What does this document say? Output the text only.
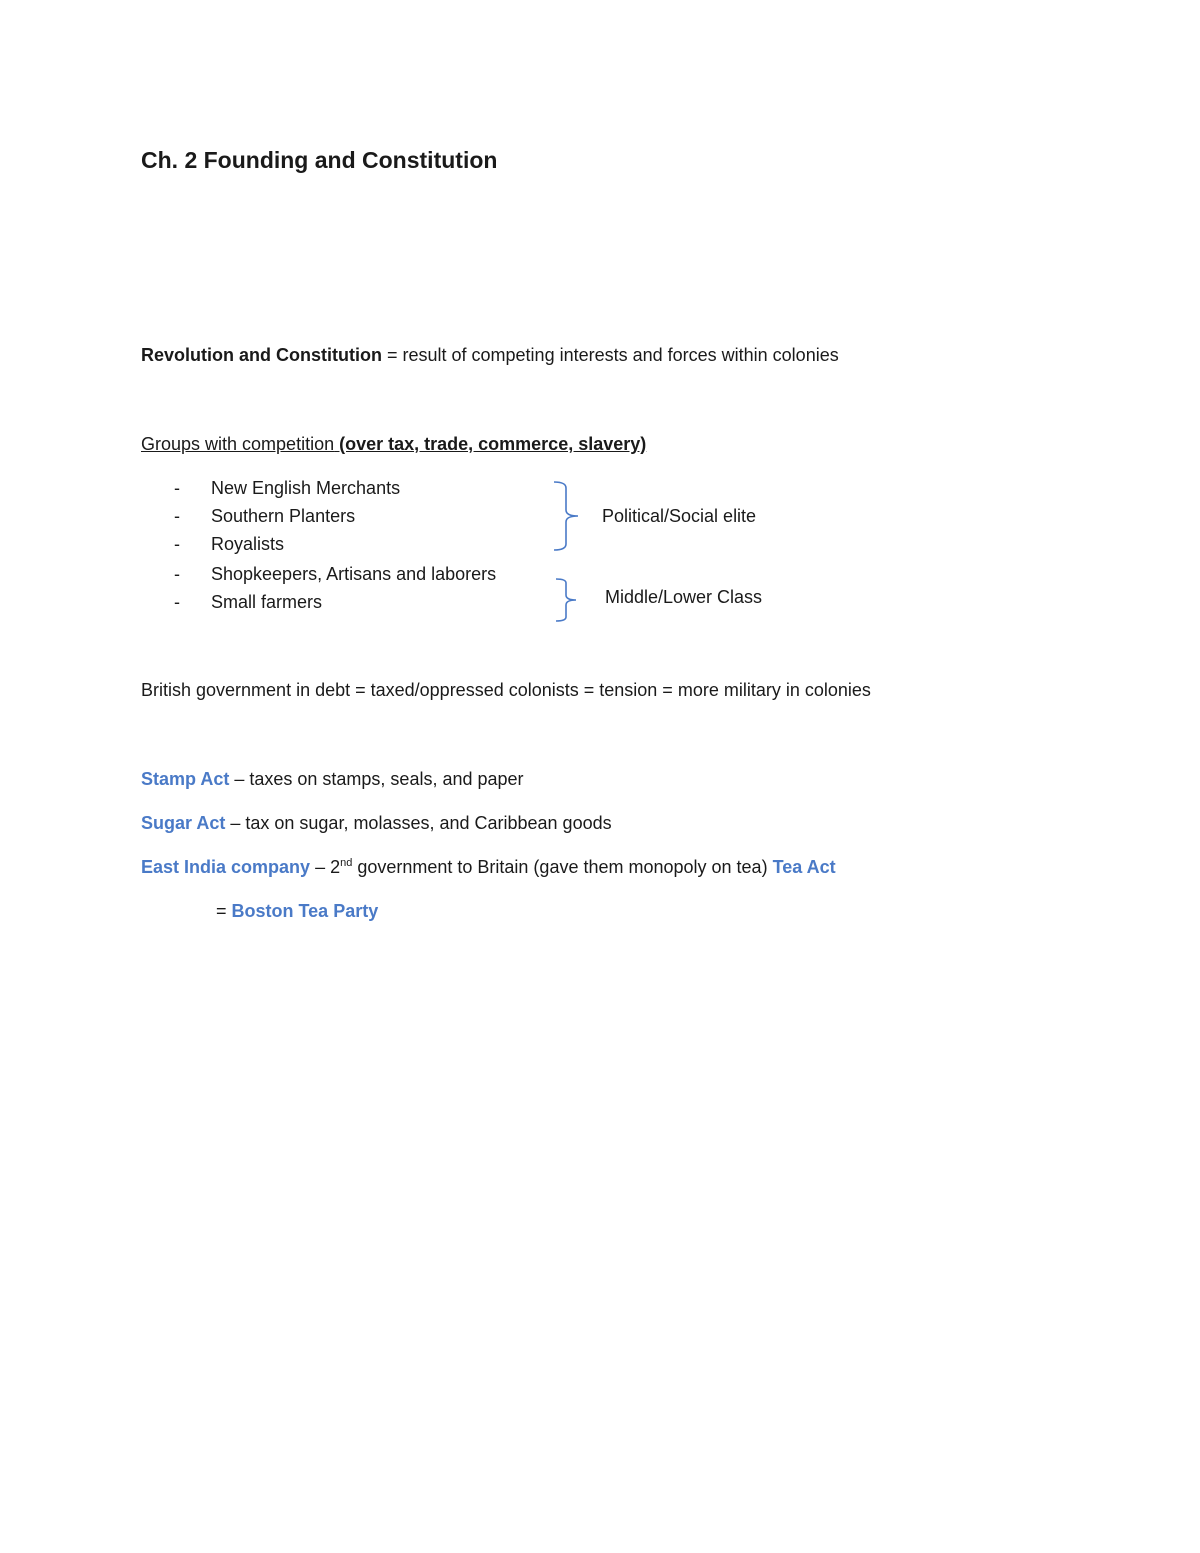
Ch. 2 Founding and Constitution
Revolution and Constitution = result of competing interests and forces within colonies
Groups with competition (over tax, trade, commerce, slavery)
- New English Merchants
- Southern Planters
- Royalists
- Shopkeepers, Artisans and laborers
- Small farmers
Political/Social elite
Middle/Lower Class
British government in debt = taxed/oppressed colonists = tension = more military in colonies
Stamp Act – taxes on stamps, seals, and paper
Sugar Act – tax on sugar, molasses, and Caribbean goods
East India company – 2nd government to Britain (gave them monopoly on tea) Tea Act
= Boston Tea Party
